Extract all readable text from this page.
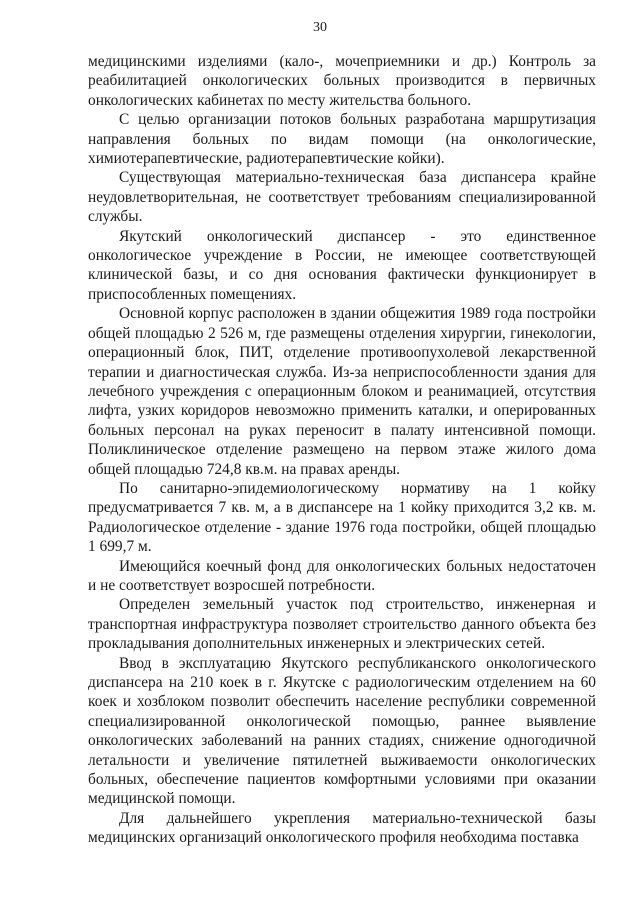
30

медицинскими изделиями (кало-, мочеприемники и др.) Контроль за реабилитацией онкологических больных производится в первичных онкологических кабинетах по месту жительства больного.

С целью организации потоков больных разработана маршрутизация направления больных по видам помощи (на онкологические, химиотерапевтические, радиотерапевтические койки).

Существующая материально-техническая база диспансера крайне неудовлетворительная, не соответствует требованиям специализированной службы.

Якутский онкологический диспансер - это единственное онкологическое учреждение в России, не имеющее соответствующей клинической базы, и со дня основания фактически функционирует в приспособленных помещениях.

Основной корпус расположен в здании общежития 1989 года постройки общей площадью 2 526 м, где размещены отделения хирургии, гинекологии, операционный блок, ПИТ, отделение противоопухолевой лекарственной терапии и диагностическая служба. Из-за неприспособленности здания для лечебного учреждения с операционным блоком и реанимацией, отсутствия лифта, узких коридоров невозможно применить каталки, и оперированных больных персонал на руках переносит в палату интенсивной помощи. Поликлиническое отделение размещено на первом этаже жилого дома общей площадью 724,8 кв.м. на правах аренды.

По санитарно-эпидемиологическому нормативу на 1 койку предусматривается 7 кв. м, а в диспансере на 1 койку приходится 3,2 кв. м. Радиологическое отделение - здание 1976 года постройки, общей площадью 1 699,7 м.

Имеющийся коечный фонд для онкологических больных недостаточен и не соответствует возросшей потребности.

Определен земельный участок под строительство, инженерная и транспортная инфраструктура позволяет строительство данного объекта без прокладывания дополнительных инженерных и электрических сетей.

Ввод в эксплуатацию Якутского республиканского онкологического диспансера на 210 коек в г. Якутске с радиологическим отделением на 60 коек и хозблоком позволит обеспечить население республики современной специализированной онкологической помощью, раннее выявление онкологических заболеваний на ранних стадиях, снижение одногодичной летальности и увеличение пятилетней выживаемости онкологических больных, обеспечение пациентов комфортными условиями при оказании медицинской помощи.

Для дальнейшего укрепления материально-технической базы медицинских организаций онкологического профиля необходима поставка
